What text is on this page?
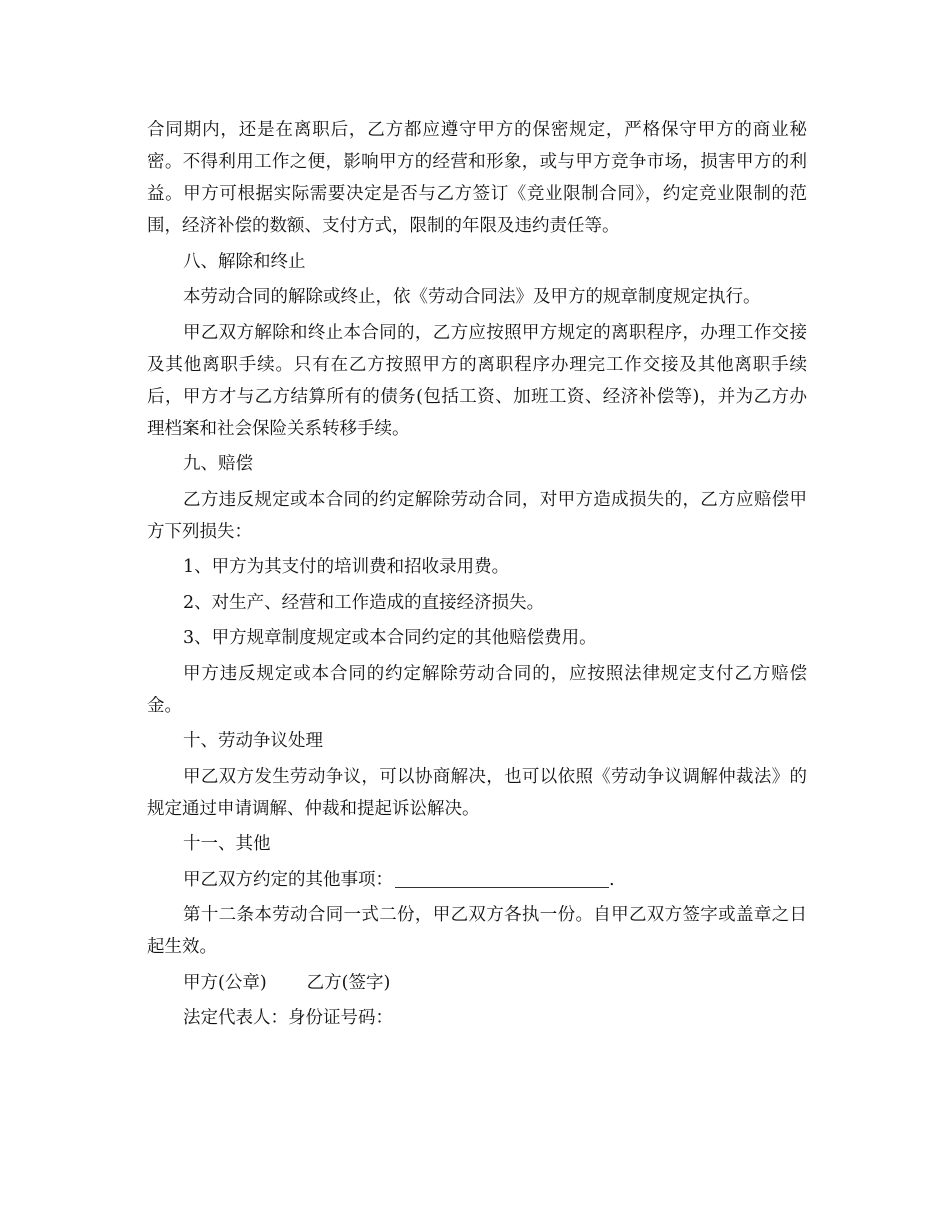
合同期内，还是在离职后，乙方都应遵守甲方的保密规定，严格保守甲方的商业秘密。不得利用工作之便，影响甲方的经营和形象，或与甲方竞争市场，损害甲方的利益。甲方可根据实际需要决定是否与乙方签订《竞业限制合同》，约定竞业限制的范围，经济补偿的数额、支付方式，限制的年限及违约责任等。

八、解除和终止

本劳动合同的解除或终止，依《劳动合同法》及甲方的规章制度规定执行。

甲乙双方解除和终止本合同的，乙方应按照甲方规定的离职程序，办理工作交接及其他离职手续。只有在乙方按照甲方的离职程序办理完工作交接及其他离职手续后，甲方才与乙方结算所有的债务(包括工资、加班工资、经济补偿等)，并为乙方办理档案和社会保险关系转移手续。

九、赔偿

乙方违反规定或本合同的约定解除劳动合同，对甲方造成损失的，乙方应赔偿甲方下列损失：

1、甲方为其支付的培训费和招收录用费。

2、对生产、经营和工作造成的直接经济损失。

3、甲方规章制度规定或本合同约定的其他赔偿费用。

甲方违反规定或本合同的约定解除劳动合同的，应按照法律规定支付乙方赔偿金。

十、劳动争议处理

甲乙双方发生劳动争议，可以协商解决，也可以依照《劳动争议调解仲裁法》的规定通过申请调解、仲裁和提起诉讼解决。

十一、其他

甲乙双方约定的其他事项：	.

第十二条本劳动合同一式二份，甲乙双方各执一份。自甲乙双方签字或盖章之日起生效。

甲方(公章) 乙方(签字)

法定代表人：身份证号码：
